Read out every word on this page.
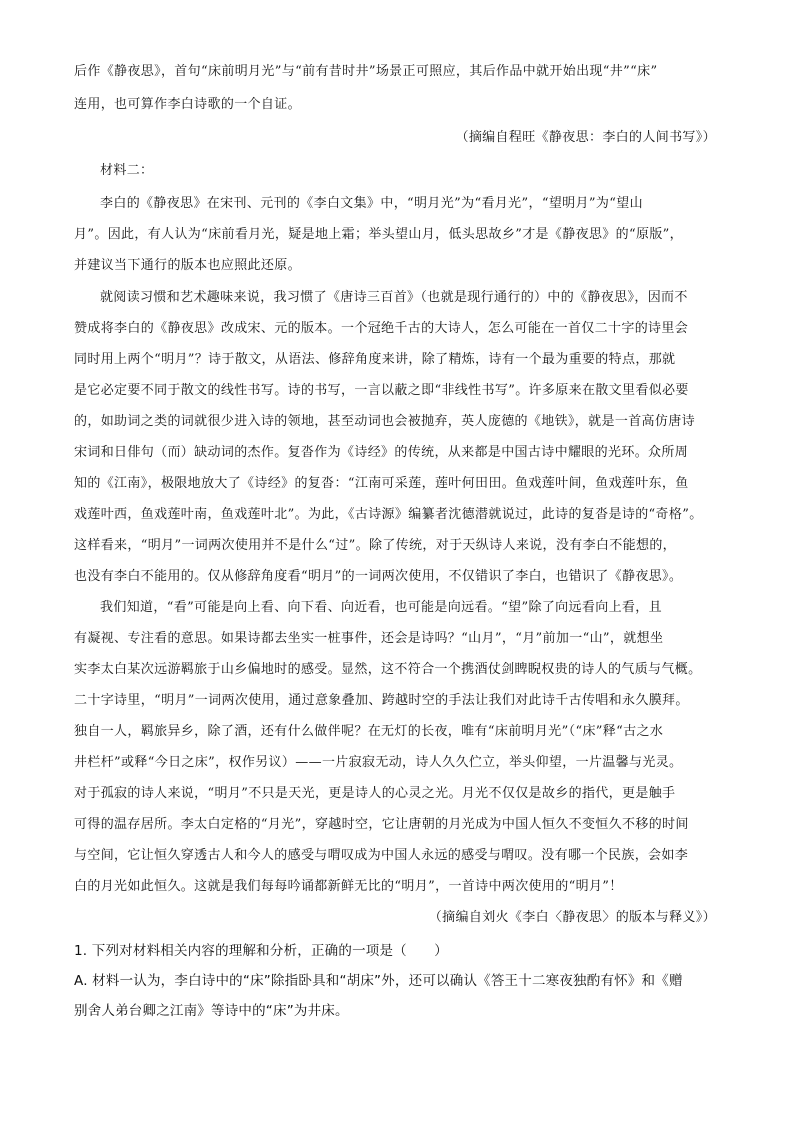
后作《静夜思》，首句“床前明月光”与“前有昔时井”场景正可照应，其后作品中就开始出现“井”“床”
连用，也可算作李白诗歌的一个自证。
（摘编自程旺《静夜思：李白的人间书写》）
材料二：
李白的《静夜思》在宋刊、元刊的《李白文集》中，“明月光”为“看月光”，“望明月”为“望山
月”。因此，有人认为“床前看月光，疑是地上霜；举头望山月，低头思故乡”才是《静夜思》的“原版”，
并建议当下通行的版本也应照此还原。
就阅读习惯和艺术趣味来说，我习惯了《唐诗三百首》（也就是现行通行的）中的《静夜思》，因而不
赞成将李白的《静夜思》改成宋、元的版本。一个冠绝千古的大诗人，怎么可能在一首仅二十字的诗里会
同时用上两个“明月”？诗于散文，从语法、修辞角度来讲，除了精炼，诗有一个最为重要的特点，那就
是它必定要不同于散文的线性书写。诗的书写，一言以蔽之即“非线性书写”。许多原来在散文里看似必要
的，如助词之类的词就很少进入诗的领地，甚至动词也会被抛弃，英人庞德的《地铁》，就是一首高仿唐诗
宋词和日俳句（而）缺动词的杰作。复沓作为《诗经》的传统，从来都是中国古诗中耀眼的光环。众所周
知的《江南》，极限地放大了《诗经》的复沓：“江南可采莲，莲叶何田田。鱼戏莲叶间，鱼戏莲叶东，鱼
戏莲叶西，鱼戏莲叶南，鱼戏莲叶北”。为此，《古诗源》编纂者沈德潜就说过，此诗的复沓是诗的“奇格”。
这样看来，“明月”一词两次使用并不是什么“过”。除了传统，对于天纵诗人来说，没有李白不能想的，
也没有李白不能用的。仅从修辞角度看“明月”的一词两次使用，不仅错识了李白，也错识了《静夜思》。
我们知道，“看”可能是向上看、向下看、向近看，也可能是向远看。“望”除了向远看向上看，且
有凝视、专注看的意思。如果诗都去坐实一桩事件，还会是诗吗？“山月”，“月”前加一“山”，就想坐
实李太白某次远游羁旅于山乡偏地时的感受。显然，这不符合一个携酒仗剑睥睨权贵的诗人的气质与气概。
二十字诗里，“明月”一词两次使用，通过意象叠加、跨越时空的手法让我们对此诗千古传唱和永久膜拜。
独自一人，羁旅异乡，除了酒，还有什么做伴呢？在无灯的长夜，唯有“床前明月光”（“床”释“古之水
井栏杆”或释“今日之床”，权作另议）——一片寂寂无动，诗人久久伫立，举头仰望，一片温馨与光灵。
对于孤寂的诗人来说，“明月”不只是天光，更是诗人的心灵之光。月光不仅仅是故乡的指代，更是触手
可得的温存居所。李太白定格的“月光”，穿越时空，它让唐朝的月光成为中国人恒久不变恒久不移的时间
与空间，它让恒久穿透古人和今人的感受与喟叹成为中国人永远的感受与喟叹。没有哪一个民族，会如李
白的月光如此恒久。这就是我们每每吟诵都新鲜无比的“明月”，一首诗中两次使用的“明月”！
（摘编自刘火《李白〈静夜思〉的版本与释义》）
1. 下列对材料相关内容的理解和分析，正确的一项是（　　）
A. 材料一认为，李白诗中的“床”除指卧具和“胡床”外，还可以确认《答王十二寒夜独酌有怀》和《赠
别舍人弟台卿之江南》等诗中的“床”为井床。
